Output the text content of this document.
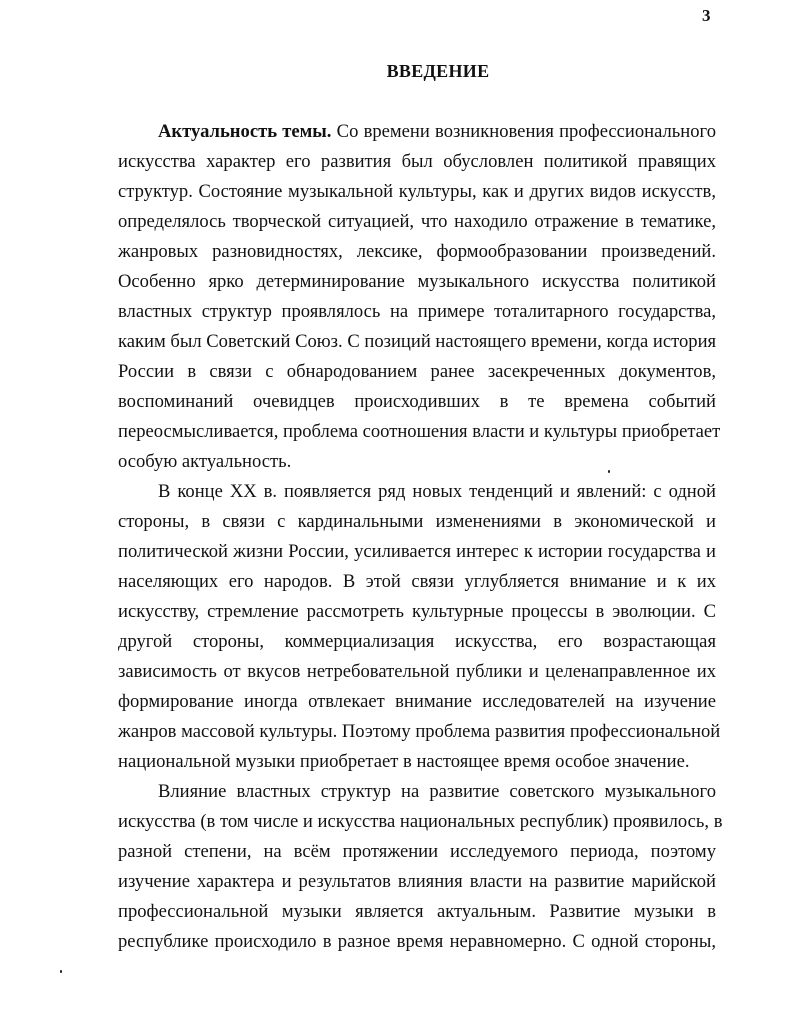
3
ВВЕДЕНИЕ
Актуальность темы. Со времени возникновения профессионального
искусства характер его развития был обусловлен политикой правящих
структур. Состояние музыкальной культуры, как и других видов искусств,
определялось творческой ситуацией, что находило отражение в тематике,
жанровых разновидностях, лексике, формообразовании произведений.
Особенно ярко детерминирование музыкального искусства политикой
властных структур проявлялось на примере тоталитарного государства,
каким был Советский Союз. С позиций настоящего времени, когда история
России в связи с обнародованием ранее засекреченных документов,
воспоминаний очевидцев происходивших в те времена событий
переосмысливается, проблема соотношения власти и культуры приобретает
особую актуальность.
В конце XX в. появляется ряд новых тенденций и явлений: с одной
стороны, в связи с кардинальными изменениями в экономической и
политической жизни России, усиливается интерес к истории государства и
населяющих его народов. В этой связи углубляется внимание и к их
искусству, стремление рассмотреть культурные процессы в эволюции. С
другой стороны, коммерциализация искусства, его возрастающая
зависимость от вкусов нетребовательной публики и целенаправленное их
формирование иногда отвлекает внимание исследователей на изучение
жанров массовой культуры. Поэтому проблема развития профессиональной
национальной музыки приобретает в настоящее время особое значение.
Влияние властных структур на развитие советского музыкального
искусства (в том числе и искусства национальных республик) проявилось, в
разной степени, на всём протяжении исследуемого периода, поэтому
изучение характера и результатов влияния власти на развитие марийской
профессиональной музыки является актуальным. Развитие музыки в
республике происходило в разное время неравномерно. С одной стороны,
